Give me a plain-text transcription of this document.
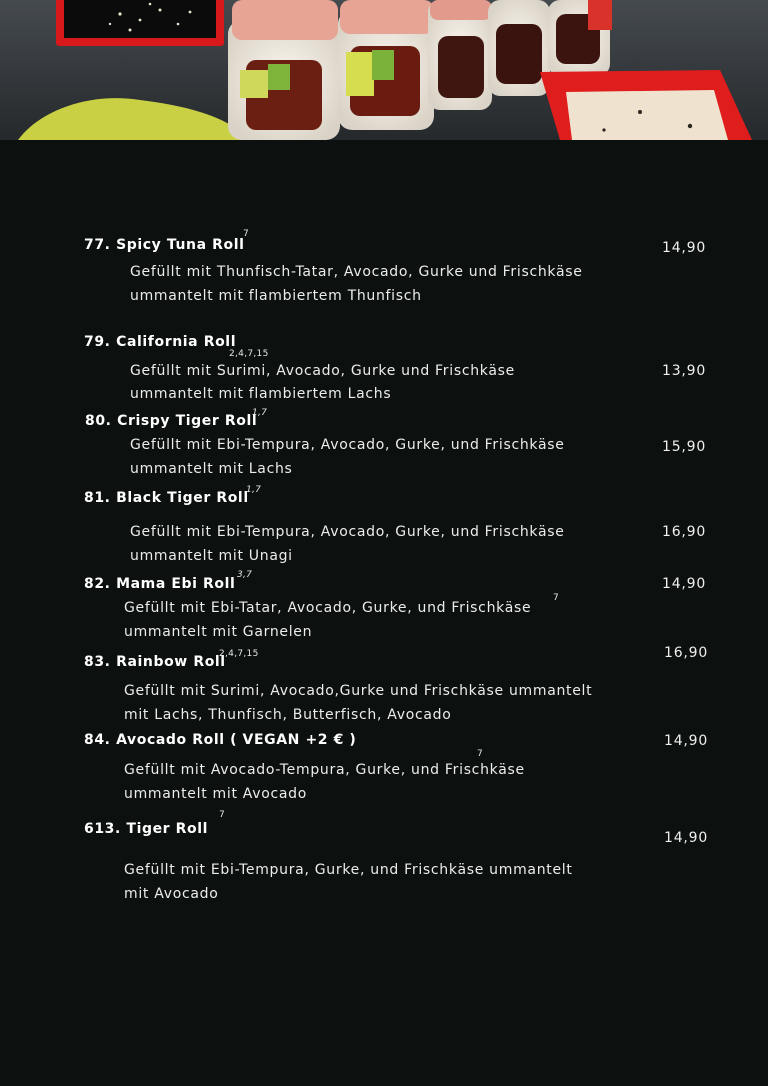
77. Spicy Tuna Roll
7
14,90
Gefüllt mit Thunfisch-Tatar, Avocado, Gurke und Frischkäse
ummantelt mit flambiertem Thunfisch
79. California Roll
2,4,7,15
13,90
Gefüllt mit Surimi, Avocado, Gurke und Frischkäse
ummantelt mit flambiertem Lachs
80. Crispy Tiger Roll
1,7
15,90
Gefüllt mit Ebi-Tempura, Avocado, Gurke, und Frischkäse
ummantelt mit Lachs
81. Black Tiger Roll
1,7
16,90
Gefüllt mit Ebi-Tempura, Avocado, Gurke, und Frischkäse
ummantelt mit Unagi
82. Mama Ebi Roll
3,7
14,90
Gefüllt mit Ebi-Tatar, Avocado, Gurke, und Frischkäse
7
ummantelt mit Garnelen
83. Rainbow Roll
2,4,7,15	16,90
Gefüllt mit Surimi, Avocado,Gurke und Frischkäse ummantelt
mit Lachs, Thunfisch, Butterfisch, Avocado
84. Avocado Roll ( VEGAN +2 € )
7
14,90
Gefüllt mit Avocado-Tempura, Gurke, und Frischkäse
ummantelt mit Avocado
613. Tiger Roll
7
14,90
Gefüllt mit Ebi-Tempura, Gurke, und Frischkäse ummantelt
mit Avocado
